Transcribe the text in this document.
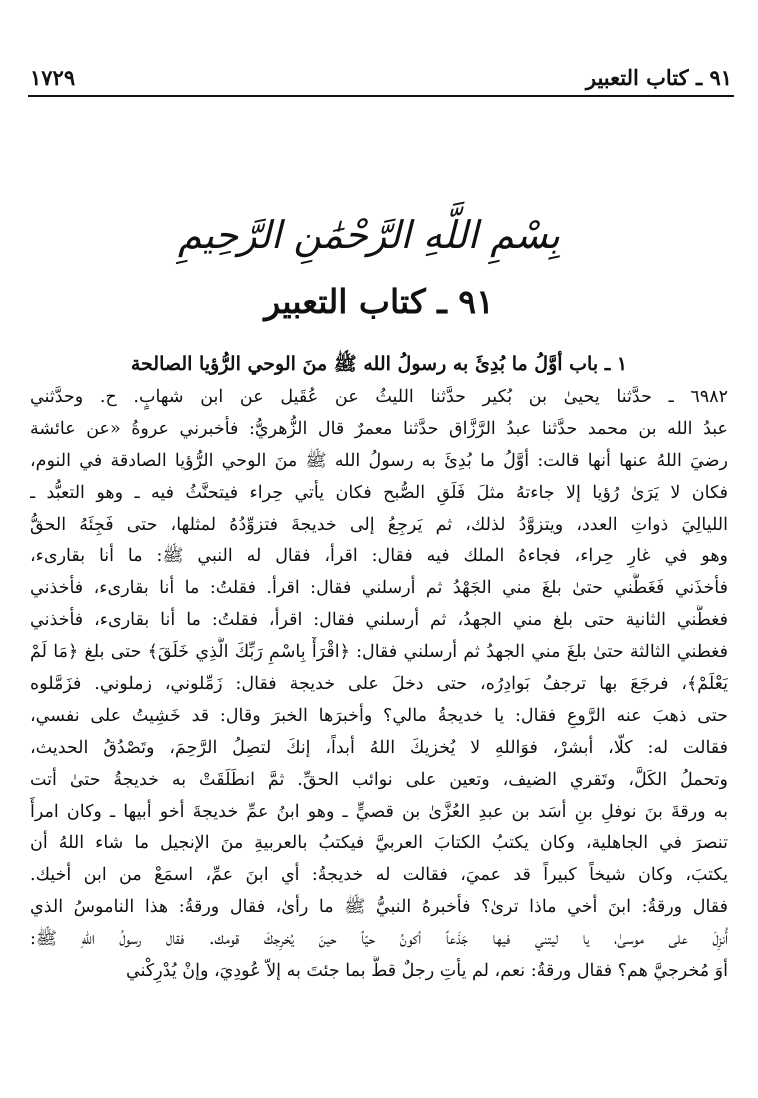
٩١ ـ كتاب التعبير
١٧٢٩
بِسْمِ اللَّهِ الرَّحْمَٰنِ الرَّحِيمِ
٩١ ـ كتاب التعبير
١ ـ باب أوَّلُ ما بُدِئَ به رسولُ الله ﷺ منَ الوحي الرُّؤيا الصالحة
٦٩٨٢ ـ حدَّثنا يحيىٰ بن بُكير حدَّثنا الليثُ عن عُقَيل عن ابن شهابٍ. ح. وحدَّثني
عبدُ الله بن محمد حدَّثنا عبدُ الرَّزَّاق حدَّثنا معمرٌ قال الزُّهريُّ: فأخبرني عروةُ «عن عائشة
رضيَ اللهُ عنها أنها قالت: أوَّلُ ما بُدِئَ به رسولُ الله ﷺ منَ الوحي الرُّؤيا الصادقة في النوم،
فكان لا يَرَىٰ رُؤيا إلا جاءتهُ مثلَ فَلَقِ الصُّبح فكان يأتي حِراء فيتحنَّثُ فيه ـ وهو التعبُّد ـ
الليالِيَ ذواتِ العدد، ويتزوَّدُ لذلك، ثم يَرجِعُ إلى خديجةَ فتزوِّدُهُ لمثلها، حتى فَجِئَهُ الحقُّ
وهو في غارِ حِراء، فجاءهُ الملك فيه فقال: اقرأ، فقال له النبي ﷺ: ما أنا بقارىء،
فأخذَني فَغَطَّني حتىٰ بلغَ مني الجَهْدُ ثم أرسلني فقال: اقرأ. فقلتُ: ما أنا بقارىء، فأخذني
فغطَّني الثانية حتى بلغ مني الجهدُ، ثم أرسلني فقال: اقرأ، فقلتُ: ما أنا بقارىء، فأخذني
فغطني الثالثة حتىٰ بلغَ مني الجهدُ ثم أرسلني فقال: ﴿اقْرَأْ بِاسْمِ رَبِّكَ الَّذِي خَلَقَ﴾ حتى بلغ ﴿مَا لَمْ
يَعْلَمْ﴾، فرجَعَ بها ترجفُ بَوادِرُه، حتى دخلَ على خديجة فقال: زَمِّلوني، زملوني. فزَمَّلوه
حتى ذهبَ عنه الرَّوعِ فقال: يا خديجةُ مالي؟ وأخبرَها الخبرَ وقال: قد خَشِيتُ على نفسي،
فقالت له: كلّا، أبشرْ، فوَاللهِ لا يُخزيكَ اللهُ أبداً، إنكَ لتصِلُ الرَّحِمَ، وتَصْدُقُ الحديث،
وتحملُ الكَلَّ، وتَقري الضيف، وتعين على نوائب الحقِّ. ثمَّ انطَلَقَتْ به خديجةُ حتىٰ أتت
به ورقةَ بنَ نوفلِ بنِ أسَد بن عبدِ العُزَّىٰ بن قصيٍّ ـ وهو ابنُ عمِّ خديجةَ أخو أبيها ـ وكان امرأً
تنصرَ في الجاهلية، وكان يكتبُ الكتابَ العربيَّ فيكتبُ بالعربيةِ منَ الإنجيل ما شاء اللهُ أن
يكتبَ، وكان شيخاً كبيراً قد عميَ، فقالت له خديجةُ: أي ابنَ عمِّ، اسمَعْ من ابن أخيك.
فقال ورقةُ: ابنَ أخي ماذا ترىٰ؟ فأخبرهُ النبيُّ ﷺ ما رأىٰ، فقال ورقةُ: هذا الناموسُ الذي
أُنزِلَ على موسىٰ، يا ليتني فيها جَذَعاً أكونُ حيّاً حينَ يُخرِجكَ قومك. فقال رسولُ اللهِ ﷺ:
أوَ مُخرجيَّ هم؟ فقال ورقةُ: نعم، لم يأتِ رجلٌ قطُّ بما جئتَ به إلاّ عُودِيَ، وإنْ يُدْرِكْني
